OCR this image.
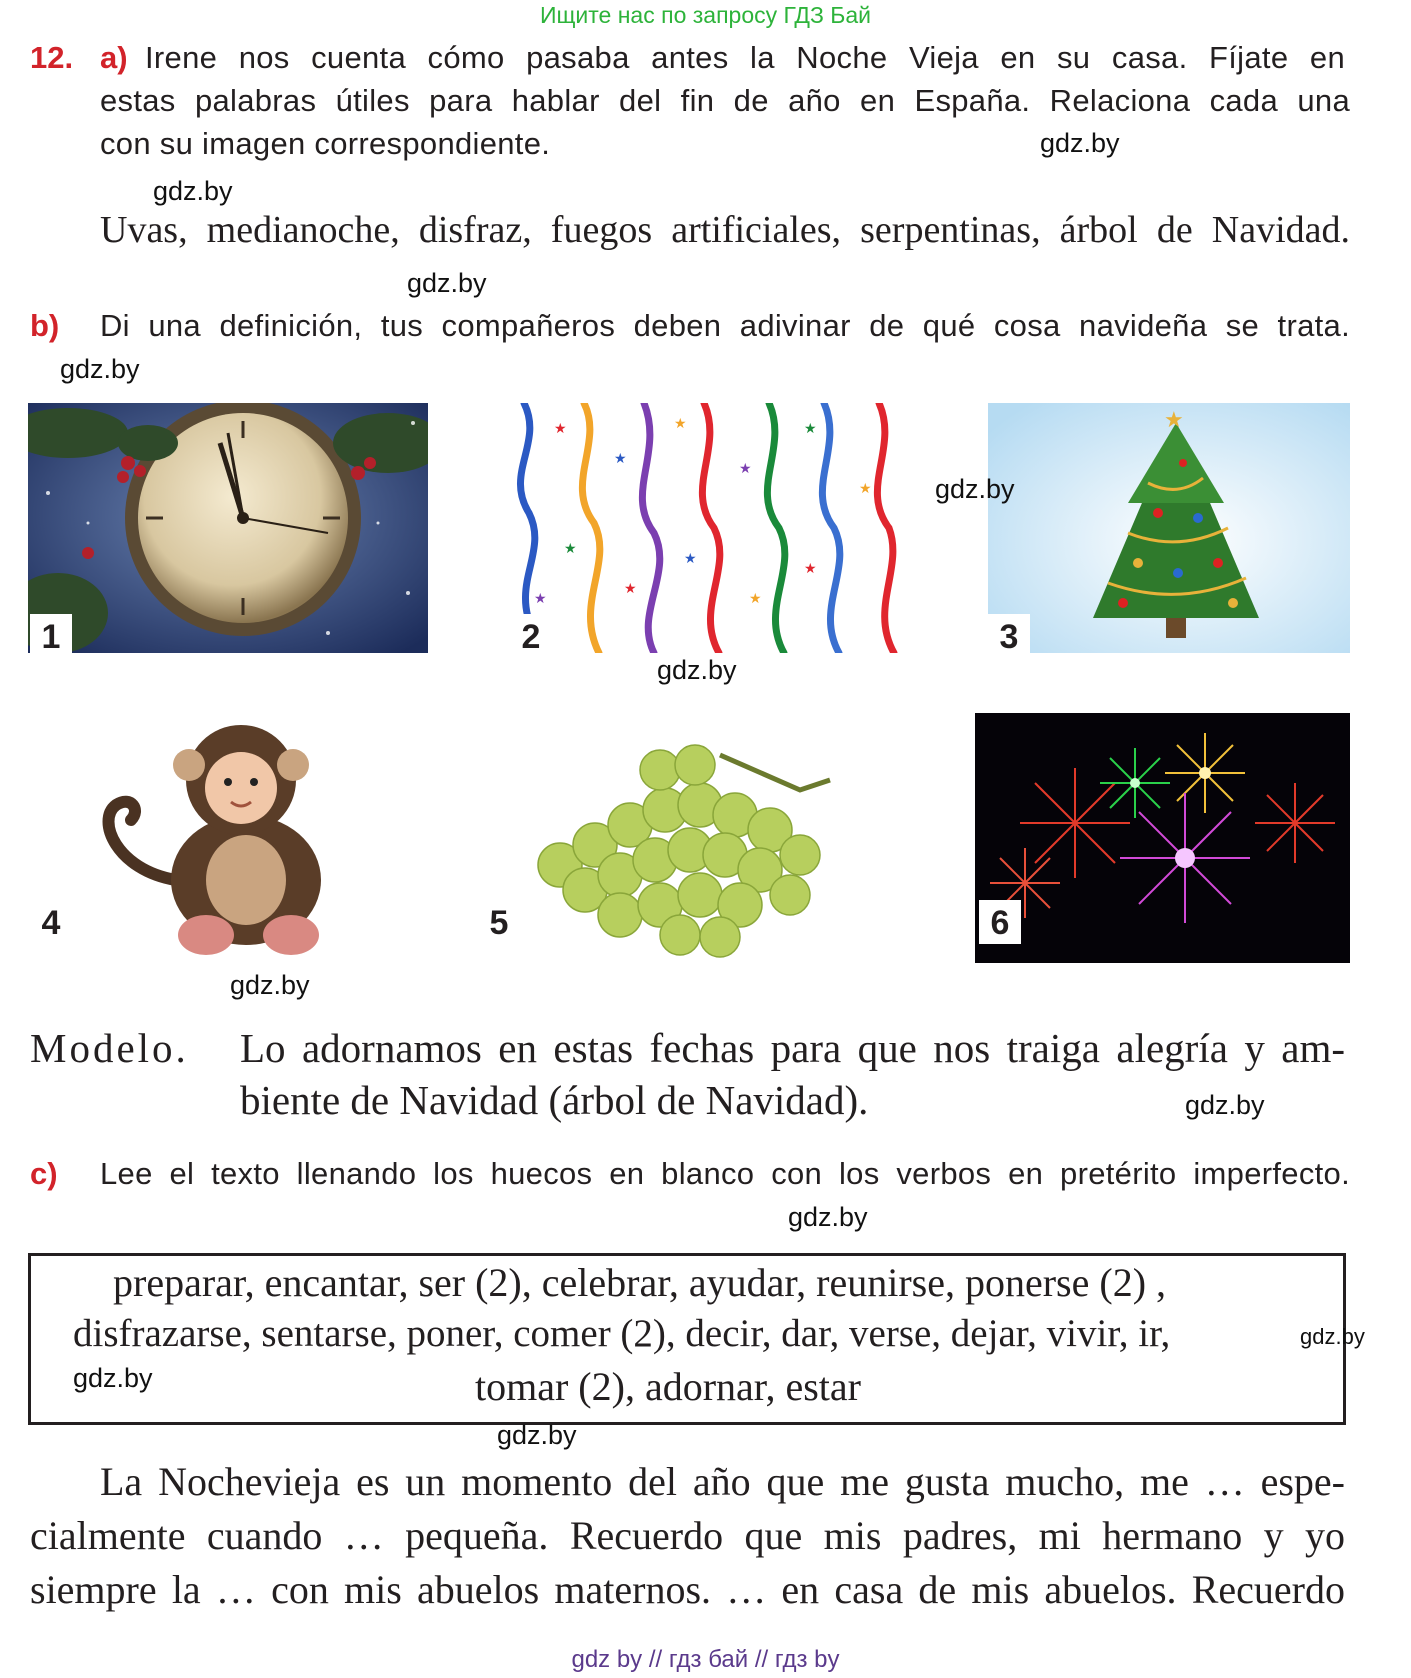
Ищите нас по запросу ГДЗ Бай
12. a) Irene nos cuenta cómo pasaba antes la Noche Vieja en su casa. Fíjate en
estas palabras útiles para hablar del fin de año en España. Relaciona cada una
con su imagen correspondiente.	gdz.by
gdz.by
Uvas, medianoche, disfraz, fuegos artificiales, serpentinas, árbol de Navidad.
gdz.by
b) Di una definición, tus compañeros deben adivinar de qué cosa navideña se trata.
gdz.by
1
★
★
★
★
★
★
★
★
★
★
★
★
2
★
3
gdz.by
gdz.by
4
gdz.by
5	6
Modelo. Lo adornamos en estas fechas para que nos traiga alegría y am-
biente de Navidad (árbol de Navidad).	gdz.by
c) Lee el texto llenando los huecos en blanco con los verbos en pretérito imperfecto.
gdz.by
preparar, encantar, ser (2), celebrar, ayudar, reunirse, ponerse (2) ,
disfrazarse, sentarse, poner, comer (2), decir, dar, verse, dejar, vivir, ir,
tomar (2), adornar, estar
gdz.by
gdz.by
gdz.by
La Nochevieja es un momento del año que me gusta mucho, me … espe-
cialmente cuando … pequeña. Recuerdo que mis padres, mi hermano y yo
siempre la … con mis abuelos maternos. … en casa de mis abuelos. Recuerdo
gdz by // гдз бай // гдз by
